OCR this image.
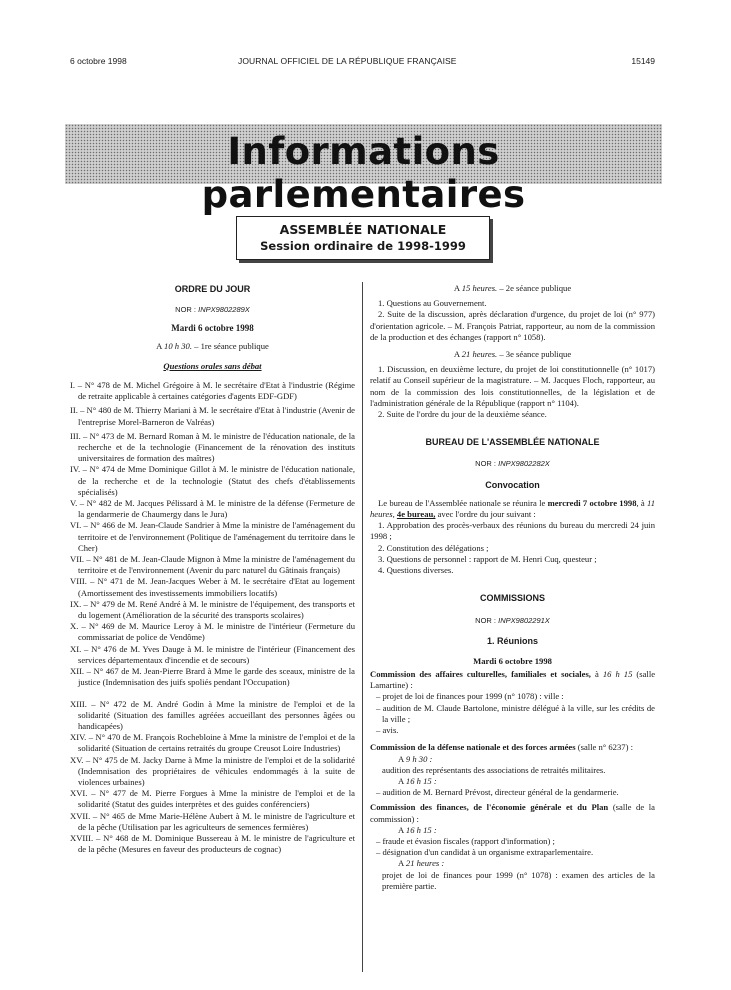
6 octobre 1998	JOURNAL OFFICIEL DE LA RÉPUBLIQUE FRANÇAISE	15149
Informations parlementaires
ASSEMBLÉE NATIONALE
Session ordinaire de 1998-1999
ORDRE DU JOUR
NOR : INPX9802289X
Mardi 6 octobre 1998
A 10 h 30. – 1re séance publique
Questions orales sans débat
I. – N° 478 de M. Michel Grégoire à M. le secrétaire d'Etat à l'industrie (Régime de retraite applicable à certaines catégories d'agents EDF-GDF)
II. – N° 480 de M. Thierry Mariani à M. le secrétaire d'Etat à l'industrie (Avenir de l'entreprise Morel-Barneron de Valréas)
III. – N° 473 de M. Bernard Roman à M. le ministre de l'éducation nationale, de la recherche et de la technologie (Financement de la rénovation des instituts universitaires de formation des maîtres)
IV. – N° 474 de Mme Dominique Gillot à M. le ministre de l'éducation nationale, de la recherche et de la technologie (Statut des chefs d'établissements spécialisés)
V. – N° 482 de M. Jacques Pélissard à M. le ministre de la défense (Fermeture de la gendarmerie de Chaumergy dans le Jura)
VI. – N° 466 de M. Jean-Claude Sandrier à Mme la ministre de l'aménagement du territoire et de l'environnement (Politique de l'aménagement du territoire dans le Cher)
VII. – N° 481 de M. Jean-Claude Mignon à Mme la ministre de l'aménagement du territoire et de l'environnement (Avenir du parc naturel du Gâtinais français)
VIII. – N° 471 de M. Jean-Jacques Weber à M. le secrétaire d'Etat au logement (Amortissement des investissements immobiliers locatifs)
IX. – N° 479 de M. René André à M. le ministre de l'équipement, des transports et du logement (Amélioration de la sécurité des transports scolaires)
X. – N° 469 de M. Maurice Leroy à M. le ministre de l'intérieur (Fermeture du commissariat de police de Vendôme)
XI. – N° 476 de M. Yves Dauge à M. le ministre de l'intérieur (Financement des services départementaux d'incendie et de secours)
XII. – N° 467 de M. Jean-Pierre Brard à Mme le garde des sceaux, ministre de la justice (Indemnisation des juifs spoliés pendant l'Occupation)
XIII. – N° 472 de M. André Godin à Mme la ministre de l'emploi et de la solidarité (Situation des familles agréées accueillant des personnes âgées ou handicapées)
XIV. – N° 470 de M. François Rochebloine à Mme la ministre de l'emploi et de la solidarité (Situation de certains retraités du groupe Creusot Loire Industries)
XV. – N° 475 de M. Jacky Darne à Mme la ministre de l'emploi et de la solidarité (Indemnisation des propriétaires de véhicules endommagés à la suite de violences urbaines)
XVI. – N° 477 de M. Pierre Forgues à Mme la ministre de l'emploi et de la solidarité (Statut des guides interprètes et des guides conférenciers)
XVII. – N° 465 de Mme Marie-Hélène Aubert à M. le ministre de l'agriculture et de la pêche (Utilisation par les agriculteurs de semences fermières)
XVIII. – N° 468 de M. Dominique Bussereau à M. le ministre de l'agriculture et de la pêche (Mesures en faveur des producteurs de cognac)
A 15 heures. – 2e séance publique
1. Questions au Gouvernement.
2. Suite de la discussion, après déclaration d'urgence, du projet de loi (n° 977) d'orientation agricole. – M. François Patriat, rapporteur, au nom de la commission de la production et des échanges (rapport n° 1058).
A 21 heures. – 3e séance publique
1. Discussion, en deuxième lecture, du projet de loi constitutionnelle (n° 1017) relatif au Conseil supérieur de la magistrature. – M. Jacques Floch, rapporteur, au nom de la commission des lois constitutionnelles, de la législation et de l'administration générale de la République (rapport n° 1104).
2. Suite de l'ordre du jour de la deuxième séance.
BUREAU DE L'ASSEMBLÉE NATIONALE
NOR : INPX9802282X
Convocation
Le bureau de l'Assemblée nationale se réunira le mercredi 7 octobre 1998, à 11 heures, 4e bureau, avec l'ordre du jour suivant :
1. Approbation des procès-verbaux des réunions du bureau du mercredi 24 juin 1998 ;
2. Constitution des délégations ;
3. Questions de personnel : rapport de M. Henri Cuq, questeur ;
4. Questions diverses.
COMMISSIONS
NOR : INPX9802291X
1. Réunions
Mardi 6 octobre 1998
Commission des affaires culturelles, familiales et sociales, à 16 h 15 (salle Lamartine) :
– projet de loi de finances pour 1999 (n° 1078) : ville :
– audition de M. Claude Bartolone, ministre délégué à la ville, sur les crédits de la ville ;
– avis.
Commission de la défense nationale et des forces armées (salle n° 6237) :
A 9 h 30 :
audition des représentants des associations de retraités militaires.
A 16 h 15 :
– audition de M. Bernard Prévost, directeur général de la gendarmerie.
Commission des finances, de l'économie générale et du Plan (salle de la commission) :
A 16 h 15 :
– fraude et évasion fiscales (rapport d'information) ;
– désignation d'un candidat à un organisme extraparlementaire.
A 21 heures :
projet de loi de finances pour 1999 (n° 1078) : examen des articles de la première partie.
